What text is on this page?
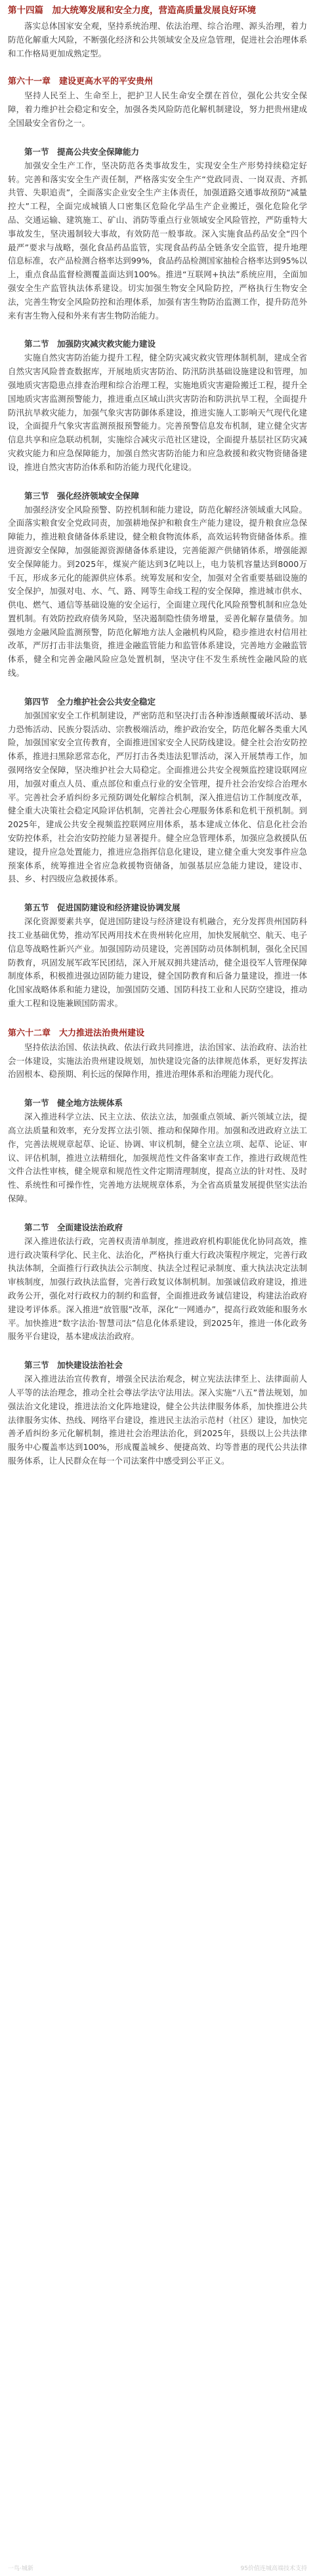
第十四篇　加大统筹发展和安全力度，营造高质量发展良好环境

落实总体国家安全观，坚持系统治理、依法治理、综合治理、源头治理，着力防范化解重大风险，不断强化经济和公共领域安全及应急管理，促进社会治理体系和工作格局更加成熟定型。

第六十一章　建设更高水平的平安贵州

坚持人民至上、生命至上，把护卫人民生命安全摆在首位，强化公共安全保障，着力维护社会稳定和安全，加强各类风险防范化解机制建设，努力把贵州建成全国最安全省份之一。

第一节　提高公共安全保障能力

加强安全生产工作，坚决防范各类事故发生，实现安全生产形势持续稳定好转。完善和落实安全生产责任制，严格落实安全生产“党政同责、一岗双责、齐抓共管、失职追责”，全面落实企业安全生产主体责任，加强道路交通事故预防“减量控大”工程，全面完成城镇人口密集区危险化学品生产企业搬迁，强化危险化学品、交通运输、建筑施工、矿山、消防等重点行业领域安全风险管控，严防重特大事故发生，坚决遏制较大事故，有效防范一般事故。深入实施食品药品安全“四个最严”要求与战略，强化食品药品监管，实现食品药品全链条安全监管，提升地理信息标准，农产品检测合格率达到99%，食品药品检测国家抽检合格率达到95%以上，重点食品监督检测覆盖面达到100%。推进“互联网+执法”系统应用，全面加强安全生产监管执法体系建设。切实加强生物安全风险防控，严格执行生物安全法，完善生物安全风险防控和治理体系，加强有害生物防治监测工作，提升防范外来有害生物入侵和外来有害生物防治能力。

第二节　加强防灾减灾救灾能力建设

实施自然灾害防治能力提升工程，健全防灾减灾救灾管理体制机制，建成全省自然灾害风险普查数据库，开展地质灾害防治、防汛防洪基础设施建设和管理，加强地质灾害隐患点排查治理和综合治理工程，实施地质灾害避险搬迁工程，提升全国地质灾害监测预警能力，推进重点区域山洪灾害防治和防洪抗旱工程，全面提升防汛抗旱救灾能力，加强气象灾害防御体系建设，推进实施人工影响天气现代化建设，全面提升气象灾害监测预报预警能力。完善预警信息发布机制，建立健全灾害信息共享和应急联动机制，实施综合减灾示范社区建设，全面提升基层社区防灾减灾救灾能力和应急保障能力，加强自然灾害防治能力和应急救援和救灾物资储备建设，推进自然灾害防治体系和防治能力现代化建设。

第三节　强化经济领域安全保障

加强经济安全风险预警、防控机制和能力建设，防范化解经济领域重大风险。全面落实粮食安全党政同责，加强耕地保护和粮食生产能力建设，提升粮食应急保障能力，推进粮食储备体系建设，健全粮食物流体系，高效运转物资储备体系。推进资源安全保障，加强能源资源储备体系建设，完善能源产供储销体系，增强能源安全保障能力。到2025年，煤炭产能达到3亿吨以上，电力装机容量达到8000万千瓦，形成多元化的能源供应体系。统筹发展和安全，加强对全省重要基础设施的安全保护，加强对电、水、气、路、网等生命线工程的安全保障，推进城市供水、供电、燃气、通信等基础设施的安全运行，全面建立现代化风险预警机制和应急处置机制。有效防控政府债务风险，坚决遏制隐性债务增量，妥善化解存量债务。加强地方金融风险监测预警，防范化解地方法人金融机构风险，稳步推进农村信用社改革，严厉打击非法集资，推进金融监管能力和监管体系建设，完善地方金融监管体系，健全和完善金融风险应急处置机制，坚决守住不发生系统性金融风险的底线。

第四节　全力维护社会公共安全稳定

加强国家安全工作机制建设，严密防范和坚决打击各种渗透颠覆破坏活动、暴力恐怖活动、民族分裂活动、宗教极端活动，维护政治安全，防范化解各类重大风险，加强国家安全宣传教育，全面推进国家安全人民防线建设。健全社会治安防控体系，推进扫黑除恶常态化，严厉打击各类违法犯罪活动，深入开展禁毒工作，加强网络安全保障，坚决维护社会大局稳定。全面推进公共安全视频监控建设联网应用，加强对重点人员、重点部位和重点行业的安全管理，提升社会治安综合治理水平。完善社会矛盾纠纷多元预防调处化解综合机制，深入推进信访工作制度改革，健全重大决策社会稳定风险评估机制，完善社会心理服务体系和危机干预机制。到2025年，建成公共安全视频监控联网应用体系，基本建成立体化、信息化社会治安防控体系，社会治安防控能力显著提升。健全应急管理体系，加强应急救援队伍建设，提升应急处置能力，推进应急指挥信息化建设，建立健全重大突发事件应急预案体系，统筹推进全省应急救援物资储备，加强基层应急能力建设，建设市、县、乡、村四级应急救援体系。

第五节　促进国防建设和经济建设协调发展

深化资源要素共享，促进国防建设与经济建设有机融合，充分发挥贵州国防科技工业基础优势，推动军民两用技术在贵州转化应用，加快发展航空、航天、电子信息等战略性新兴产业。加强国防动员建设，完善国防动员体制机制，强化全民国防教育，巩固发展军政军民团结，深入开展双拥共建活动，健全退役军人管理保障制度体系，积极推进强边固防能力建设，健全国防教育和后备力量建设，推进一体化国家战略体系和能力建设，加强国防交通、国防科技工业和人民防空建设，推动重大工程和设施兼顾国防需求。

第六十二章　大力推进法治贵州建设

坚持依法治国、依法执政、依法行政共同推进，法治国家、法治政府、法治社会一体建设，实施法治贵州建设规划，加快建设完备的法律规范体系，更好发挥法治固根本、稳预期、利长远的保障作用，推进治理体系和治理能力现代化。

第一节　健全地方法规体系

深入推进科学立法、民主立法、依法立法，加强重点领域、新兴领域立法，提高立法质量和效率，充分发挥立法引领、推动和保障作用。加强和改进政府立法工作，完善法规规章起草、论证、协调、审议机制，健全立法立项、起草、论证、审议、评估机制，推进立法精细化，加强规范性文件备案审查工作，推进行政规范性文件合法性审核，健全规章和规范性文件定期清理制度，提高立法的针对性、及时性、系统性和可操作性，完善地方法规规章体系，为全省高质量发展提供坚实法治保障。

第二节　全面建设法治政府

深入推进依法行政，完善权责清单制度，推进政府机构职能优化协同高效，推进行政决策科学化、民主化、法治化，严格执行重大行政决策程序规定，完善行政执法体制，全面推行行政执法公示制度、执法全过程记录制度、重大执法决定法制审核制度，加强行政执法监督，完善行政复议体制机制。加强诚信政府建设，推进政务公开，强化对行政权力的制约和监督，全面推进政务诚信建设，构建法治政府建设考评体系。深入推进“放管服”改革，深化“一网通办”，提高行政效能和服务水平。加快推进“数字法治·智慧司法”信息化体系建设，到2025年，推进一体化政务服务平台建设，基本建成法治政府。

第三节　加快建设法治社会

深入推进法治宣传教育，增强全民法治观念，树立宪法法律至上、法律面前人人平等的法治理念，推动全社会尊法学法守法用法。深入实施“八五”普法规划，加强法治文化建设，推进法治文化阵地建设，健全公共法律服务体系，加快推进公共法律服务实体、热线、网络平台建设，推进民主法治示范村（社区）建设，加快完善矛盾纠纷多元化解机制，推进社会治理法治化，到2025年，县级以上公共法律服务中心覆盖率达到100%，形成覆盖城乡、便捷高效、均等普惠的现代公共法律服务体系，让人民群众在每一个司法案件中感受到公平正义。

一鸟·城新	95价值连城高端技术支持
